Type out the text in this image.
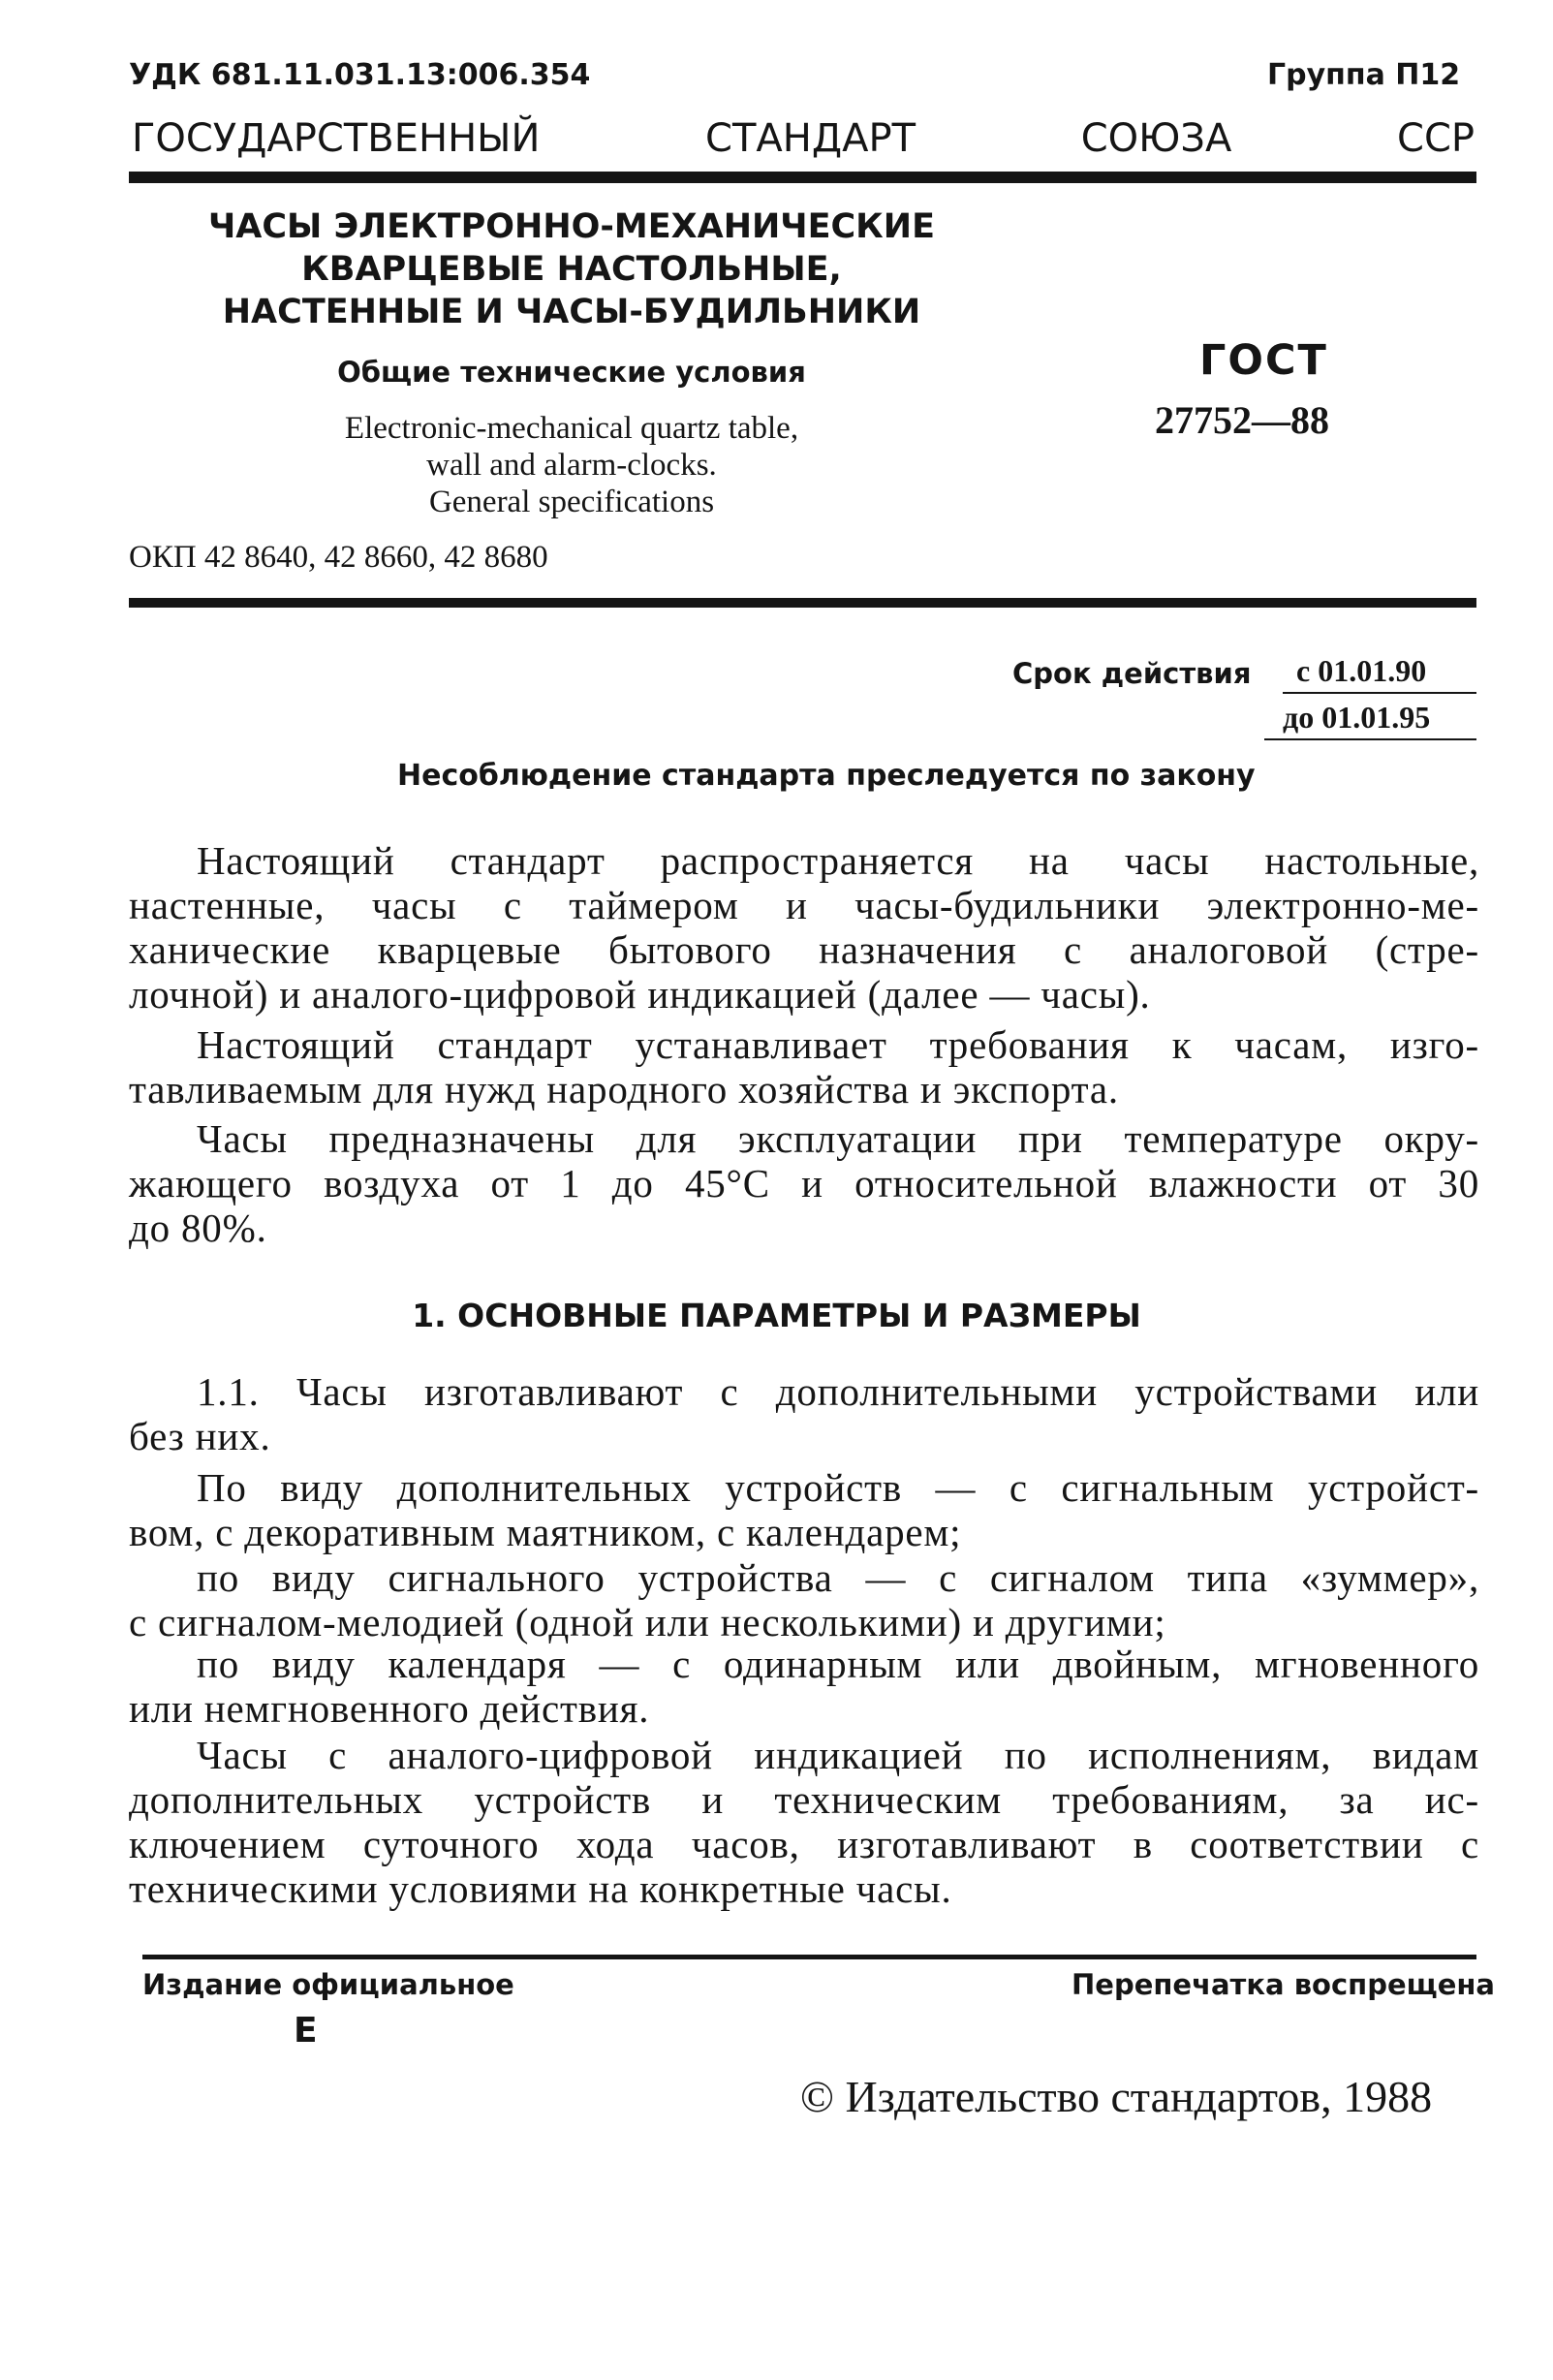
УДК 681.11.031.13:006.354	Группа П12
ГОСУДАРСТВЕННЫЙ СТАНДАРТ СОЮЗА ССР
ЧАСЫ ЭЛЕКТРОННО-МЕХАНИЧЕСКИЕ
КВАРЦЕВЫЕ НАСТОЛЬНЫЕ,
НАСТЕННЫЕ И ЧАСЫ-БУДИЛЬНИКИ
Общие технические условия
Electronic-mechanical quartz table,
wall and alarm-clocks.
General specifications
ОКП 42 8640, 42 8660, 42 8680
ГОСТ
27752—88
Срок действия с 01.01.90
до 01.01.95
Несоблюдение стандарта преследуется по закону
Настоящий стандарт распространяется на часы настольные,
настенные, часы с таймером и часы-будильники электронно-ме-
ханические кварцевые бытового назначения с аналоговой (стре-
лочной) и аналого-цифровой индикацией (далее — часы).
Настоящий стандарт устанавливает требования к часам, изго-
тавливаемым для нужд народного хозяйства и экспорта.
Часы предназначены для эксплуатации при температуре окру-
жающего воздуха от 1 до 45°С и относительной влажности от 30
до 80%.
1. ОСНОВНЫЕ ПАРАМЕТРЫ И РАЗМЕРЫ
1.1. Часы изготавливают с дополнительными устройствами или
без них.
По виду дополнительных устройств — с сигнальным устройст-
вом, с декоративным маятником, с календарем;
по виду сигнального устройства — с сигналом типа «зуммер»,
с сигналом-мелодией (одной или несколькими) и другими;
по виду календаря — с одинарным или двойным, мгновенного
или немгновенного действия.
Часы с аналого-цифровой индикацией по исполнениям, видам
дополнительных устройств и техническим требованиям, за ис-
ключением суточного хода часов, изготавливают в соответствии с
техническими условиями на конкретные часы.
Издание официальное	Перепечатка воспрещена
Е
© Издательство стандартов, 1988
